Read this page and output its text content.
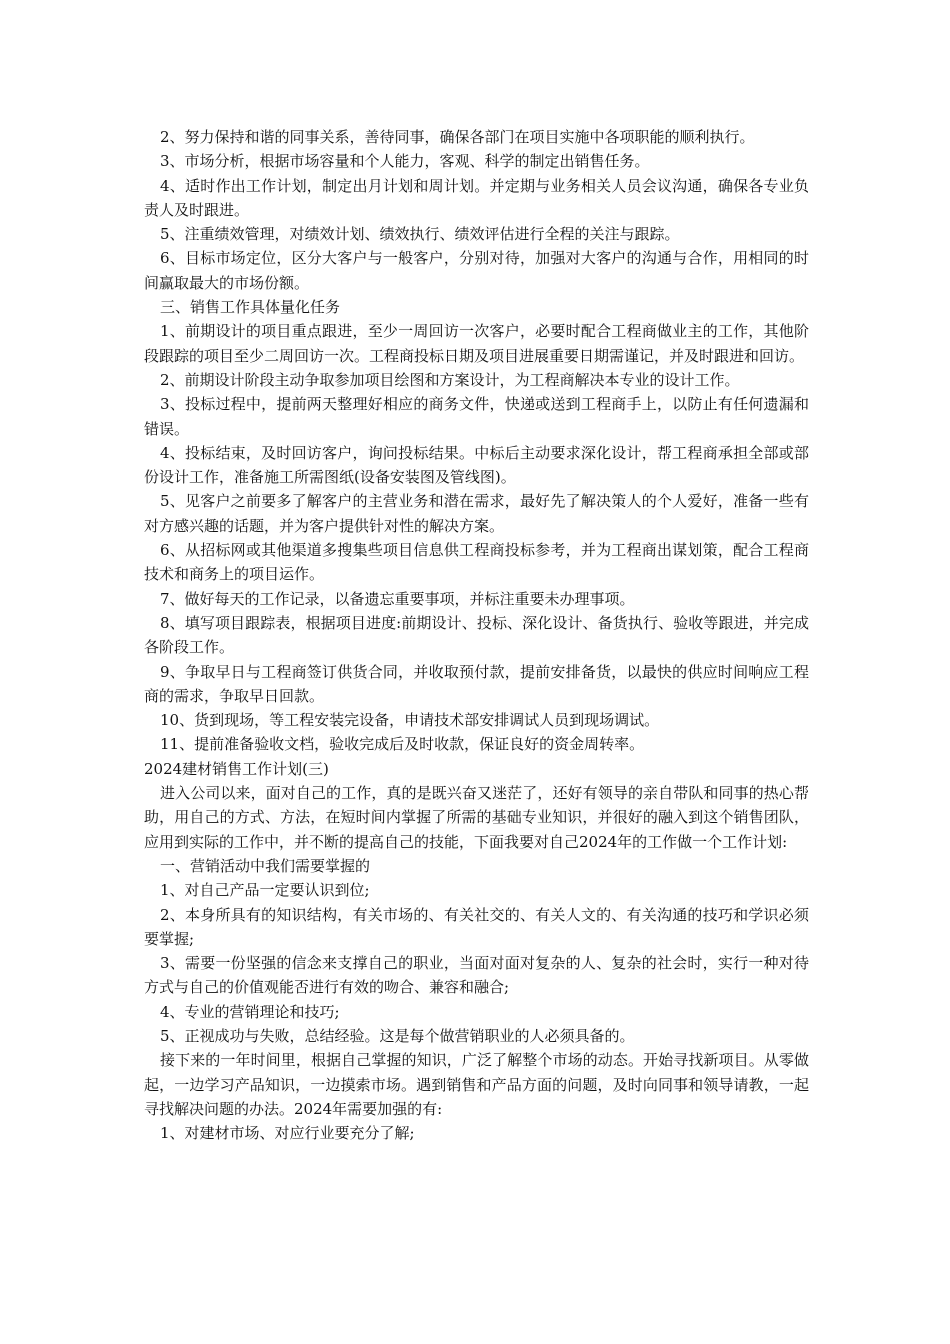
2、努力保持和谐的同事关系，善待同事，确保各部门在项目实施中各项职能的顺利执行。

3、市场分析，根据市场容量和个人能力，客观、科学的制定出销售任务。

4、适时作出工作计划，制定出月计划和周计划。并定期与业务相关人员会议沟通，确保各专业负责人及时跟进。

5、注重绩效管理，对绩效计划、绩效执行、绩效评估进行全程的关注与跟踪。

6、目标市场定位，区分大客户与一般客户，分别对待，加强对大客户的沟通与合作，用相同的时间赢取最大的市场份额。

三、销售工作具体量化任务

1、前期设计的项目重点跟进，至少一周回访一次客户，必要时配合工程商做业主的工作，其他阶段跟踪的项目至少二周回访一次。工程商投标日期及项目进展重要日期需谨记，并及时跟进和回访。

2、前期设计阶段主动争取参加项目绘图和方案设计，为工程商解决本专业的设计工作。

3、投标过程中，提前两天整理好相应的商务文件，快递或送到工程商手上，以防止有任何遗漏和错误。

4、投标结束，及时回访客户，询问投标结果。中标后主动要求深化设计，帮工程商承担全部或部份设计工作，准备施工所需图纸(设备安装图及管线图)。

5、见客户之前要多了解客户的主营业务和潜在需求，最好先了解决策人的个人爱好，准备一些有对方感兴趣的话题，并为客户提供针对性的解决方案。

6、从招标网或其他渠道多搜集些项目信息供工程商投标参考，并为工程商出谋划策，配合工程商技术和商务上的项目运作。

7、做好每天的工作记录，以备遗忘重要事项，并标注重要未办理事项。

8、填写项目跟踪表，根据项目进度:前期设计、投标、深化设计、备货执行、验收等跟进，并完成各阶段工作。

9、争取早日与工程商签订供货合同，并收取预付款，提前安排备货，以最快的供应时间响应工程商的需求，争取早日回款。

10、货到现场，等工程安装完设备，申请技术部安排调试人员到现场调试。

11、提前准备验收文档，验收完成后及时收款，保证良好的资金周转率。

2024建材销售工作计划(三)

进入公司以来，面对自己的工作，真的是既兴奋又迷茫了，还好有领导的亲自带队和同事的热心帮助，用自己的方式、方法，在短时间内掌握了所需的基础专业知识，并很好的融入到这个销售团队，应用到实际的工作中，并不断的提高自己的技能，下面我要对自己2024年的工作做一个工作计划:

一、营销活动中我们需要掌握的

1、对自己产品一定要认识到位;

2、本身所具有的知识结构，有关市场的、有关社交的、有关人文的、有关沟通的技巧和学识必须要掌握;

3、需要一份坚强的信念来支撑自己的职业，当面对面对复杂的人、复杂的社会时，实行一种对待方式与自己的价值观能否进行有效的吻合、兼容和融合;

4、专业的营销理论和技巧;

5、正视成功与失败，总结经验。这是每个做营销职业的人必须具备的。

接下来的一年时间里，根据自己掌握的知识，广泛了解整个市场的动态。开始寻找新项目。从零做起，一边学习产品知识，一边摸索市场。遇到销售和产品方面的问题，及时向同事和领导请教，一起寻找解决问题的办法。2024年需要加强的有:

1、对建材市场、对应行业要充分了解;
